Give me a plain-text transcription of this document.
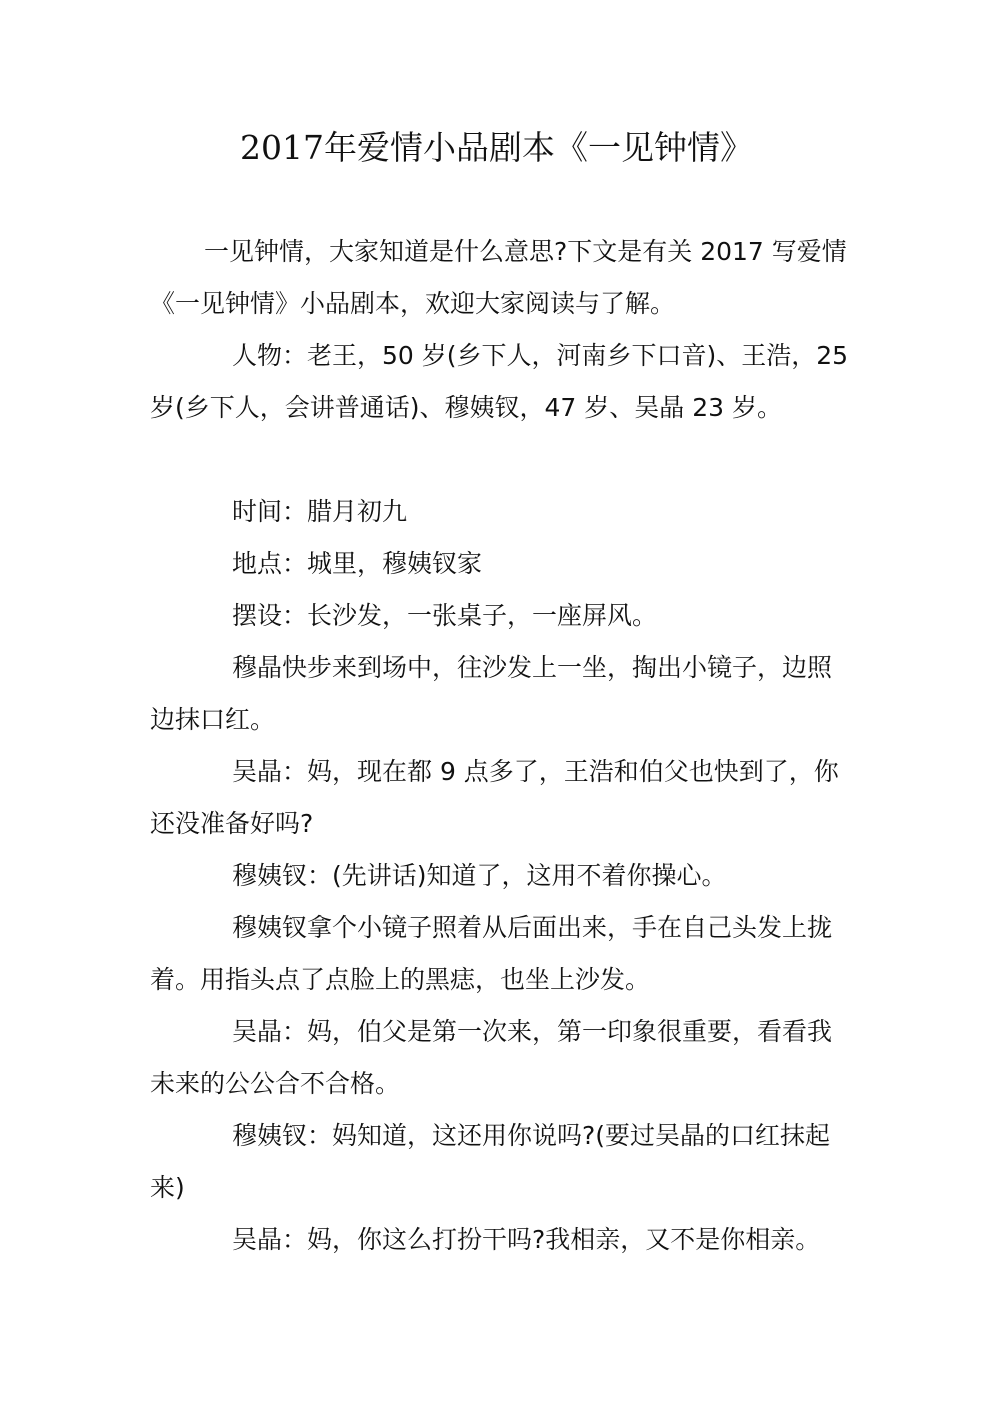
2017年爱情小品剧本《一见钟情》

一见钟情，大家知道是什么意思?下文是有关 2017 写爱情《一见钟情》小品剧本，欢迎大家阅读与了解。

人物：老王，50 岁(乡下人，河南乡下口音)、王浩，25 岁(乡下人，会讲普通话)、穆姨钗，47 岁、吴晶 23 岁。

时间：腊月初九

地点：城里，穆姨钗家

摆设：长沙发，一张桌子，一座屏风。

穆晶快步来到场中，往沙发上一坐，掏出小镜子，边照边抹口红。

吴晶：妈，现在都 9 点多了，王浩和伯父也快到了，你还没准备好吗?

穆姨钗：(先讲话)知道了，这用不着你操心。

穆姨钗拿个小镜子照着从后面出来，手在自己头发上拢着。用指头点了点脸上的黑痣，也坐上沙发。

吴晶：妈，伯父是第一次来，第一印象很重要，看看我未来的公公合不合格。

穆姨钗：妈知道，这还用你说吗?(要过吴晶的口红抹起来)

吴晶：妈，你这么打扮干吗?我相亲，又不是你相亲。
